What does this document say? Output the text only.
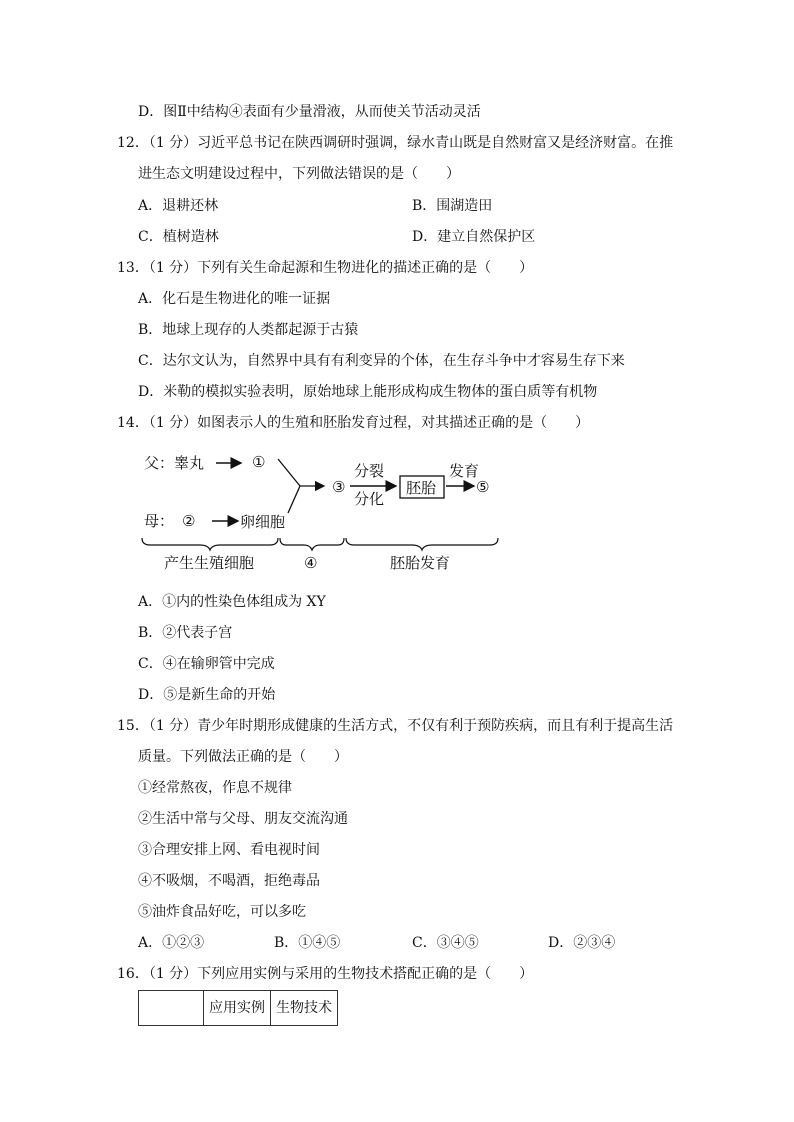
D．图Ⅱ中结构④表面有少量滑液，从而使关节活动灵活
12．（1 分）习近平总书记在陕西调研时强调，绿水青山既是自然财富又是经济财富。在推
进生态文明建设过程中，下列做法错误的是（　　）
A．退耕还林	B．围湖造田
C．植树造林	D．建立自然保护区
13．（1 分）下列有关生命起源和生物进化的描述正确的是（　　）
A．化石是生物进化的唯一证据
B．地球上现存的人类都起源于古猿
C．达尔文认为，自然界中具有有利变异的个体，在生存斗争中才容易生存下来
D．米勒的模拟实验表明，原始地球上能形成构成生物体的蛋白质等有机物
14．（1 分）如图表示人的生殖和胚胎发育过程，对其描述正确的是（　　）
父：睾丸	①
母： ②	卵细胞
③
分裂
分化
胚胎
发育
⑤
产生生殖细胞	④	胚胎发育
A．①内的性染色体组成为 XY
B．②代表子宫
C．④在输卵管中完成
D．⑤是新生命的开始
15．（1 分）青少年时期形成健康的生活方式，不仅有利于预防疾病，而且有利于提高生活
质量。下列做法正确的是（　　）
①经常熬夜，作息不规律
②生活中常与父母、朋友交流沟通
③合理安排上网、看电视时间
④不吸烟，不喝酒，拒绝毒品
⑤油炸食品好吃，可以多吃
A．①②③	B．①④⑤	C．③④⑤	D．②③④
16．（1 分）下列应用实例与采用的生物技术搭配正确的是（　　）
	应用实例	生物技术
